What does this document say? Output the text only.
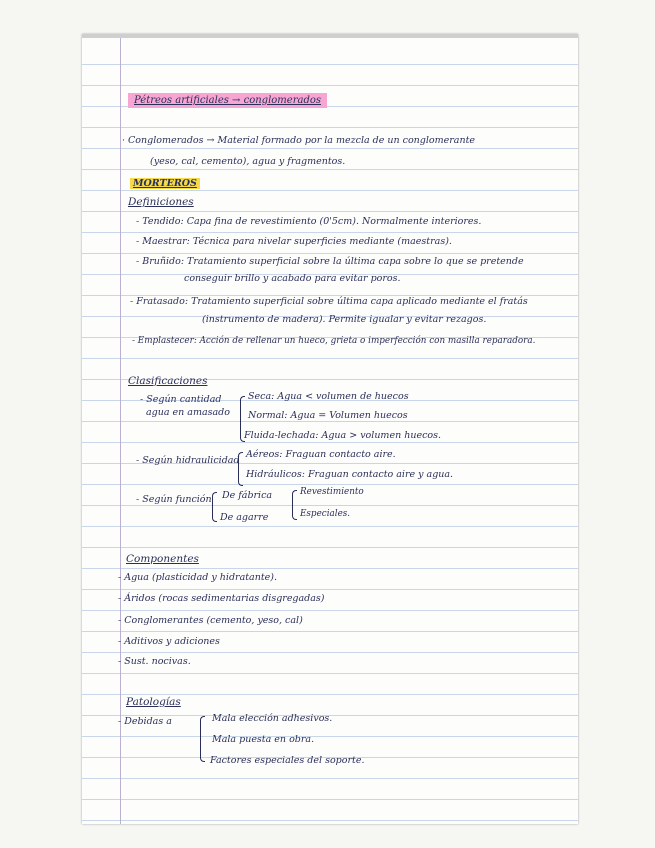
Pétreos artificiales → conglomerados
· Conglomerados → Material formado por la mezcla de un conglomerante
(yeso, cal, cemento), agua y fragmentos.
MORTEROS
Definiciones
- Tendido: Capa fina de revestimiento (0'5cm). Normalmente interiores.
- Maestrar: Técnica para nivelar superficies mediante (maestras).
- Bruñido: Tratamiento superficial sobre la última capa sobre lo que se pretende
conseguir brillo y acabado para evitar poros.
- Fratasado: Tratamiento superficial sobre última capa aplicado mediante el fratás
(instrumento de madera). Permite igualar y evitar rezagos.
- Emplastecer: Acción de rellenar un hueco, grieta o imperfección con masilla reparadora.
Clasificaciones
- Según cantidad
agua en amasado
Seca: Agua < volumen de huecos
Normal: Agua = Volumen huecos
Fluida-lechada: Agua > volumen huecos.
- Según hidraulicidad
Aéreos: Fraguan contacto aire.
Hidráulicos: Fraguan contacto aire y agua.
- Según función De fábrica
De agarre
Revestimiento
Especiales.
Componentes
- Agua (plasticidad y hidratante).
- Áridos (rocas sedimentarias disgregadas)
- Conglomerantes (cemento, yeso, cal)
- Aditivos y adiciones
- Sust. nocivas.
Patologías
- Debidas a	Mala elección adhesivos.
Mala puesta en obra.
Factores especiales del soporte.
